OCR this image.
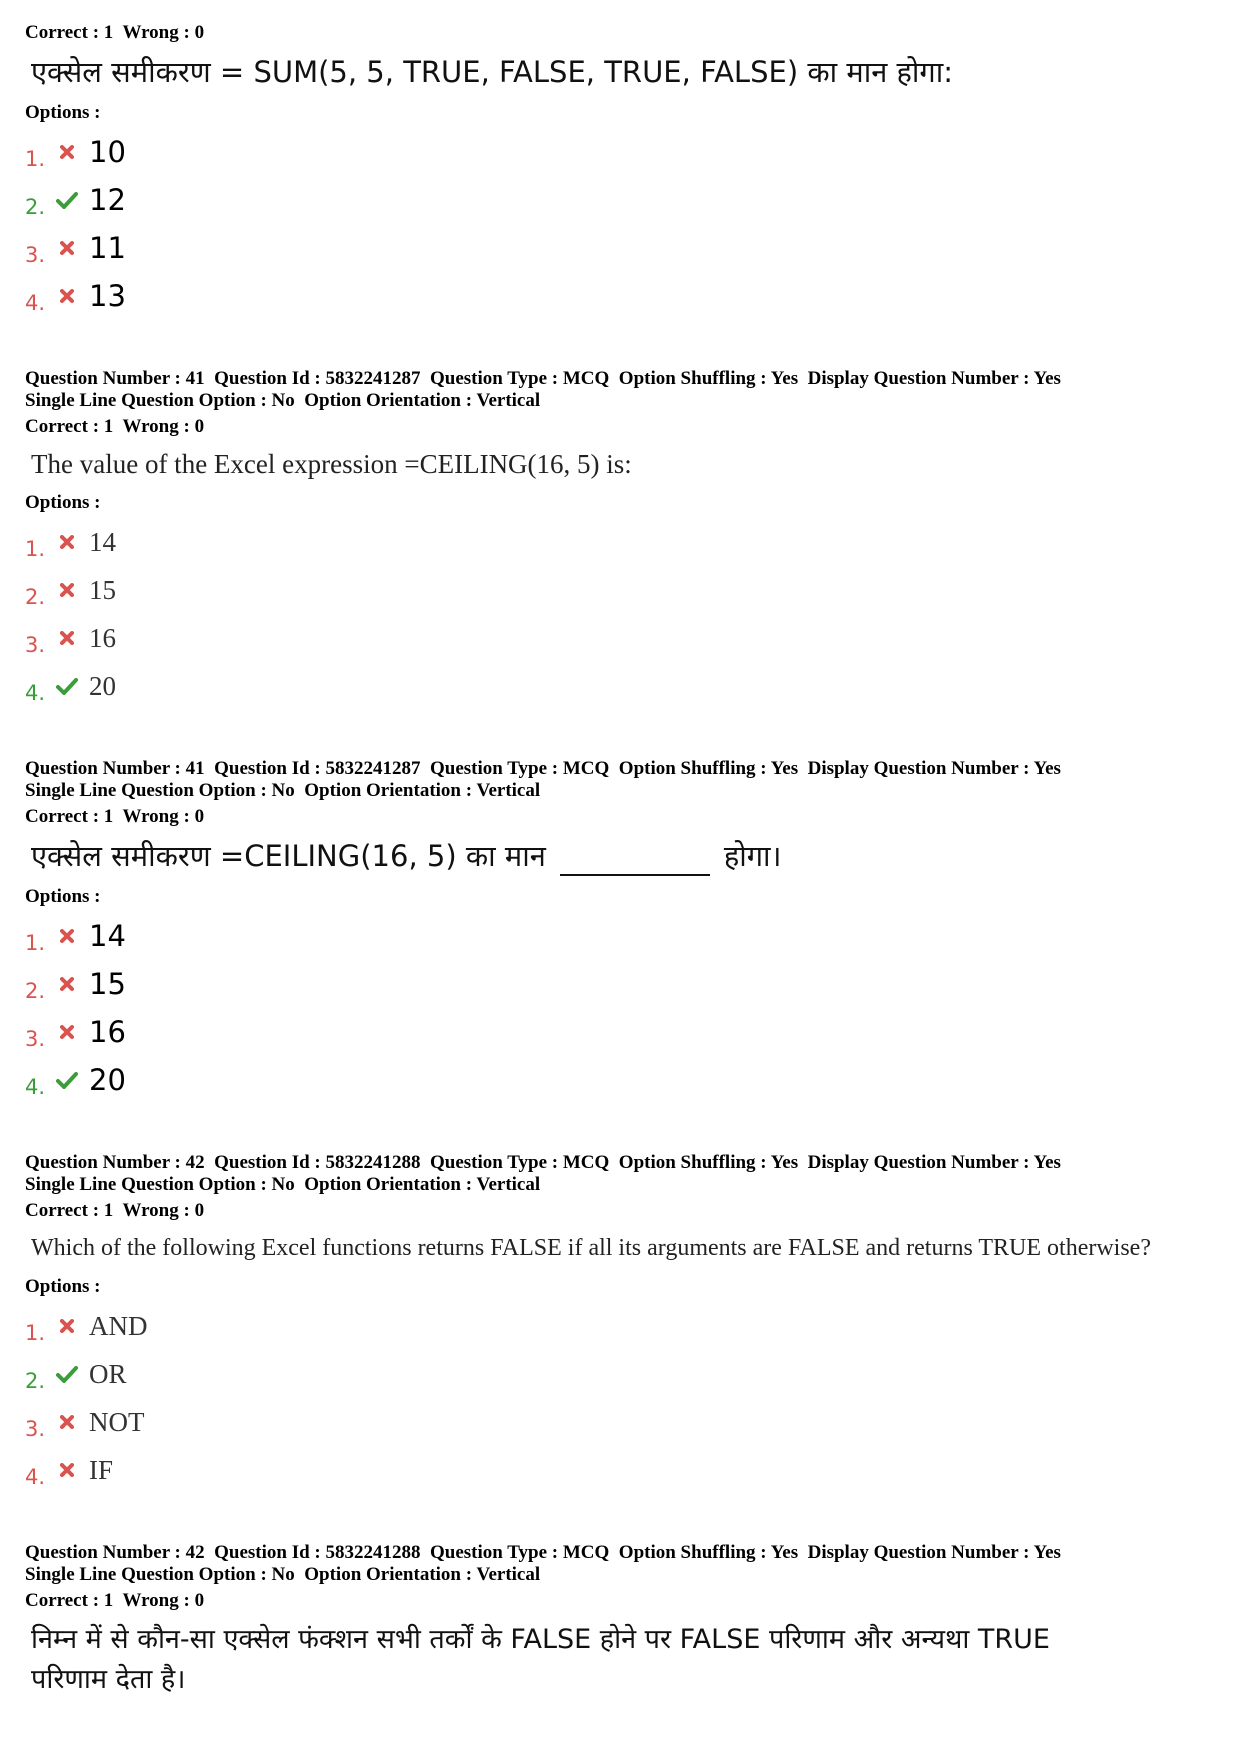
Correct : 1 Wrong : 0

एक्सेल समीकरण = SUM(5, 5, TRUE, FALSE, TRUE, FALSE) का मान होगा:

Options :

1. 10
2. 12
3. 11
4. 13

Question Number : 41  Question Id : 5832241287  Question Type : MCQ  Option Shuffling : Yes  Display Question Number : Yes

Single Line Question Option : No  Option Orientation : Vertical

Correct : 1 Wrong : 0

The value of the Excel expression =CEILING(16, 5) is:

Options :

1. 14
2. 15
3. 16
4. 20

Question Number : 41  Question Id : 5832241287  Question Type : MCQ  Option Shuffling : Yes  Display Question Number : Yes

Single Line Question Option : No  Option Orientation : Vertical

Correct : 1 Wrong : 0

एक्सेल समीकरण =CEILING(16, 5) का मान	होगा।

Options :

1. 14
2. 15
3. 16
4. 20

Question Number : 42  Question Id : 5832241288  Question Type : MCQ  Option Shuffling : Yes  Display Question Number : Yes

Single Line Question Option : No  Option Orientation : Vertical

Correct : 1 Wrong : 0

Which of the following Excel functions returns FALSE if all its arguments are FALSE and returns TRUE otherwise?

Options :

1. AND
2. OR
3. NOT
4. IF

Question Number : 42  Question Id : 5832241288  Question Type : MCQ  Option Shuffling : Yes  Display Question Number : Yes

Single Line Question Option : No  Option Orientation : Vertical

Correct : 1 Wrong : 0

निम्न में से कौन-सा एक्सेल फंक्शन सभी तर्कों के FALSE होने पर FALSE परिणाम और अन्यथा TRUE
परिणाम देता है।
